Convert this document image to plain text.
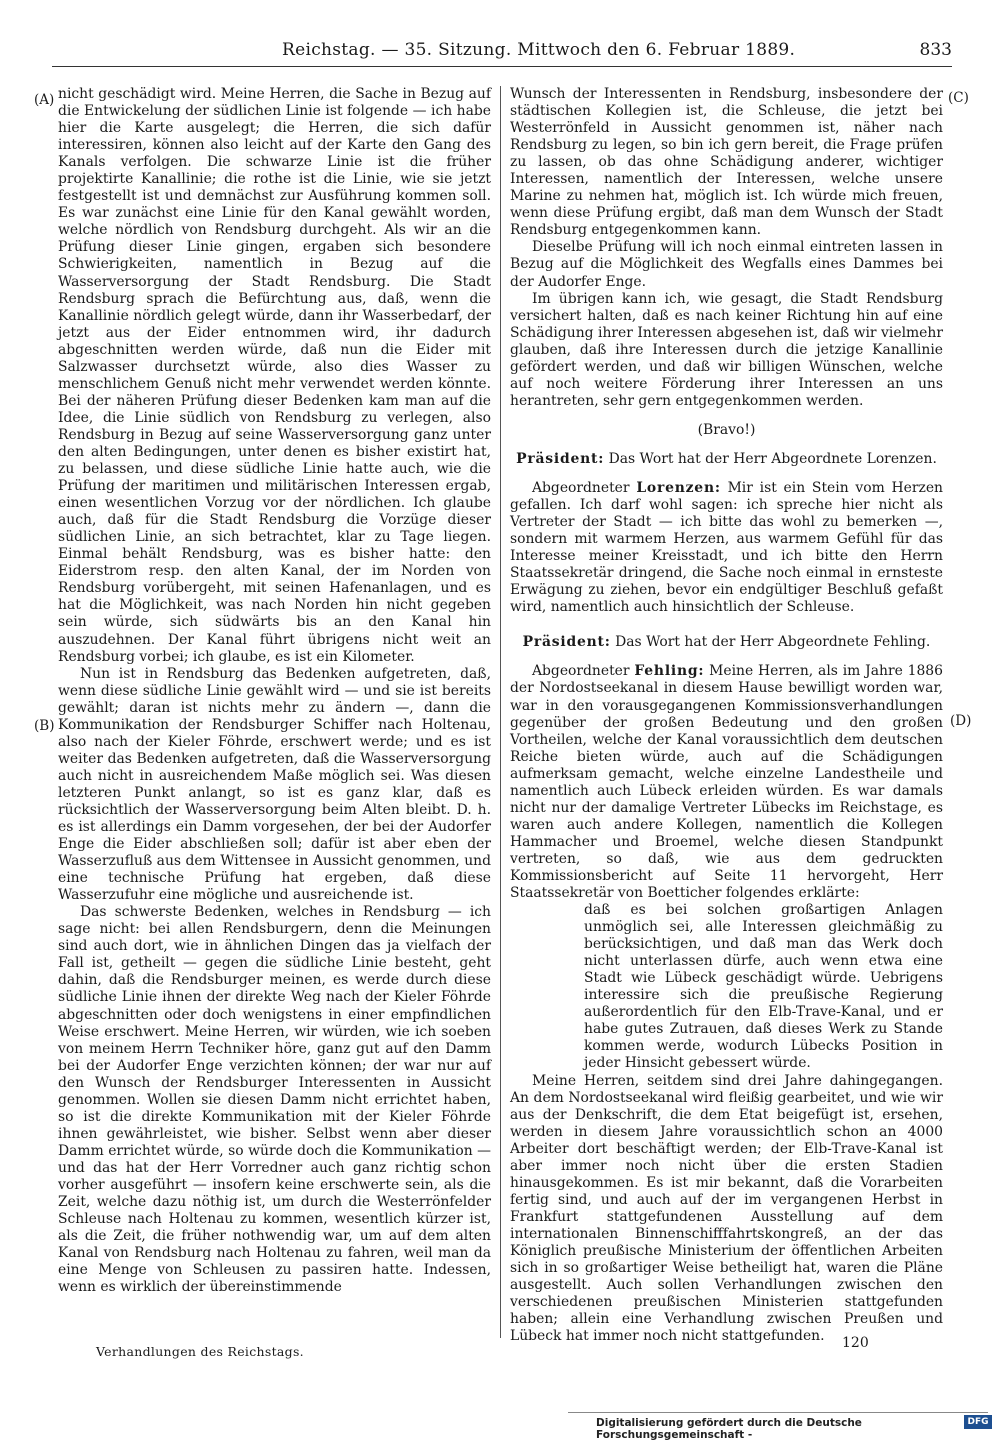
Reichstag. — 35. Sitzung. Mittwoch den 6. Februar 1889.	833
(A)
(B)
(C)
(D)

nicht geschädigt wird. Meine Herren, die Sache in Bezug auf die Entwickelung der südlichen Linie ist folgende — ich habe hier die Karte ausgelegt; die Herren, die sich dafür interessiren, können also leicht auf der Karte den Gang des Kanals verfolgen. Die schwarze Linie ist die früher projektirte Kanallinie; die rothe ist die Linie, wie sie jetzt festgestellt ist und demnächst zur Ausführung kommen soll. Es war zunächst eine Linie für den Kanal gewählt worden, welche nördlich von Rendsburg durchgeht. Als wir an die Prüfung dieser Linie gingen, ergaben sich besondere Schwierigkeiten, namentlich in Bezug auf die Wasserversorgung der Stadt Rendsburg. Die Stadt Rendsburg sprach die Befürchtung aus, daß, wenn die Kanallinie nördlich gelegt würde, dann ihr Wasserbedarf, der jetzt aus der Eider entnommen wird, ihr dadurch abgeschnitten werden würde, daß nun die Eider mit Salzwasser durchsetzt würde, also dies Wasser zu menschlichem Genuß nicht mehr verwendet werden könnte. Bei der näheren Prüfung dieser Bedenken kam man auf die Idee, die Linie südlich von Rendsburg zu verlegen, also Rendsburg in Bezug auf seine Wasserversorgung ganz unter den alten Bedingungen, unter denen es bisher existirt hat, zu belassen, und diese südliche Linie hatte auch, wie die Prüfung der maritimen und militärischen Interessen ergab, einen wesentlichen Vorzug vor der nördlichen. Ich glaube auch, daß für die Stadt Rendsburg die Vorzüge dieser südlichen Linie, an sich betrachtet, klar zu Tage liegen. Einmal behält Rendsburg, was es bisher hatte: den Eiderstrom resp. den alten Kanal, der im Norden von Rendsburg vorübergeht, mit seinen Hafenanlagen, und es hat die Möglichkeit, was nach Norden hin nicht gegeben sein würde, sich südwärts bis an den Kanal hin auszudehnen. Der Kanal führt übrigens nicht weit an Rendsburg vorbei; ich glaube, es ist ein Kilometer.

Nun ist in Rendsburg das Bedenken aufgetreten, daß, wenn diese südliche Linie gewählt wird — und sie ist bereits gewählt; daran ist nichts mehr zu ändern —, dann die Kommunikation der Rendsburger Schiffer nach Holtenau, also nach der Kieler Föhrde, erschwert werde; und es ist weiter das Bedenken aufgetreten, daß die Wasserversorgung auch nicht in ausreichendem Maße möglich sei. Was diesen letzteren Punkt anlangt, so ist es ganz klar, daß es rücksichtlich der Wasserversorgung beim Alten bleibt. D. h. es ist allerdings ein Damm vorgesehen, der bei der Audorfer Enge die Eider abschließen soll; dafür ist aber eben der Wasserzufluß aus dem Wittensee in Aussicht genommen, und eine technische Prüfung hat ergeben, daß diese Wasserzufuhr eine mögliche und ausreichende ist.

Das schwerste Bedenken, welches in Rendsburg — ich sage nicht: bei allen Rendsburgern, denn die Meinungen sind auch dort, wie in ähnlichen Dingen das ja vielfach der Fall ist, getheilt — gegen die südliche Linie besteht, geht dahin, daß die Rendsburger meinen, es werde durch diese südliche Linie ihnen der direkte Weg nach der Kieler Föhrde abgeschnitten oder doch wenigstens in einer empfindlichen Weise erschwert. Meine Herren, wir würden, wie ich soeben von meinem Herrn Techniker höre, ganz gut auf den Damm bei der Audorfer Enge verzichten können; der war nur auf den Wunsch der Rendsburger Interessenten in Aussicht genommen. Wollen sie diesen Damm nicht errichtet haben, so ist die direkte Kommunikation mit der Kieler Föhrde ihnen gewährleistet, wie bisher. Selbst wenn aber dieser Damm errichtet würde, so würde doch die Kommunikation — und das hat der Herr Vorredner auch ganz richtig schon vorher ausgeführt — insofern keine erschwerte sein, als die Zeit, welche dazu nöthig ist, um durch die Westerrönfelder Schleuse nach Holtenau zu kommen, wesentlich kürzer ist, als die Zeit, die früher nothwendig war, um auf dem alten Kanal von Rendsburg nach Holtenau zu fahren, weil man da eine Menge von Schleusen zu passiren hatte. Indessen, wenn es wirklich der übereinstimmende

Wunsch der Interessenten in Rendsburg, insbesondere der städtischen Kollegien ist, die Schleuse, die jetzt bei Westerrönfeld in Aussicht genommen ist, näher nach Rendsburg zu legen, so bin ich gern bereit, die Frage prüfen zu lassen, ob das ohne Schädigung anderer, wichtiger Interessen, namentlich der Interessen, welche unsere Marine zu nehmen hat, möglich ist. Ich würde mich freuen, wenn diese Prüfung ergibt, daß man dem Wunsch der Stadt Rendsburg entgegenkommen kann.

Dieselbe Prüfung will ich noch einmal eintreten lassen in Bezug auf die Möglichkeit des Wegfalls eines Dammes bei der Audorfer Enge.

Im übrigen kann ich, wie gesagt, die Stadt Rendsburg versichert halten, daß es nach keiner Richtung hin auf eine Schädigung ihrer Interessen abgesehen ist, daß wir vielmehr glauben, daß ihre Interessen durch die jetzige Kanallinie gefördert werden, und daß wir billigen Wünschen, welche auf noch weitere Förderung ihrer Interessen an uns herantreten, sehr gern entgegenkommen werden.

(Bravo!)

Präsident: Das Wort hat der Herr Abgeordnete Lorenzen.

Abgeordneter Lorenzen: Mir ist ein Stein vom Herzen gefallen. Ich darf wohl sagen: ich spreche hier nicht als Vertreter der Stadt — ich bitte das wohl zu bemerken —, sondern mit warmem Herzen, aus warmem Gefühl für das Interesse meiner Kreisstadt, und ich bitte den Herrn Staatssekretär dringend, die Sache noch einmal in ernsteste Erwägung zu ziehen, bevor ein endgültiger Beschluß gefaßt wird, namentlich auch hinsichtlich der Schleuse.

Präsident: Das Wort hat der Herr Abgeordnete Fehling.

Abgeordneter Fehling: Meine Herren, als im Jahre 1886 der Nordostseekanal in diesem Hause bewilligt worden war, war in den vorausgegangenen Kommissionsverhandlungen gegenüber der großen Bedeutung und den großen Vortheilen, welche der Kanal voraussichtlich dem deutschen Reiche bieten würde, auch auf die Schädigungen aufmerksam gemacht, welche einzelne Landestheile und namentlich auch Lübeck erleiden würden. Es war damals nicht nur der damalige Vertreter Lübecks im Reichstage, es waren auch andere Kollegen, namentlich die Kollegen Hammacher und Broemel, welche diesen Standpunkt vertreten, so daß, wie aus dem gedruckten Kommissionsbericht auf Seite 11 hervorgeht, Herr Staatssekretär von Boetticher folgendes erklärte:

daß es bei solchen großartigen Anlagen unmöglich sei, alle Interessen gleichmäßig zu berücksichtigen, und daß man das Werk doch nicht unterlassen dürfe, auch wenn etwa eine Stadt wie Lübeck geschädigt würde. Uebrigens interessire sich die preußische Regierung außerordentlich für den Elb-Trave-Kanal, und er habe gutes Zutrauen, daß dieses Werk zu Stande kommen werde, wodurch Lübecks Position in jeder Hinsicht gebessert würde.

Meine Herren, seitdem sind drei Jahre dahingegangen. An dem Nordostseekanal wird fleißig gearbeitet, und wie wir aus der Denkschrift, die dem Etat beigefügt ist, ersehen, werden in diesem Jahre voraussichtlich schon an 4000 Arbeiter dort beschäftigt werden; der Elb-Trave-Kanal ist aber immer noch nicht über die ersten Stadien hinausgekommen. Es ist mir bekannt, daß die Vorarbeiten fertig sind, und auch auf der im vergangenen Herbst in Frankfurt stattgefundenen Ausstellung auf dem internationalen Binnenschifffahrtskongreß, an der das Königlich preußische Ministerium der öffentlichen Arbeiten sich in so großartiger Weise betheiligt hat, waren die Pläne ausgestellt. Auch sollen Verhandlungen zwischen den verschiedenen preußischen Ministerien stattgefunden haben; allein eine Verhandlung zwischen Preußen und Lübeck hat immer noch nicht stattgefunden.

Verhandlungen des Reichstags.
120
Digitalisierung gefördert durch die Deutsche Forschungsgemeinschaft -
DFG
